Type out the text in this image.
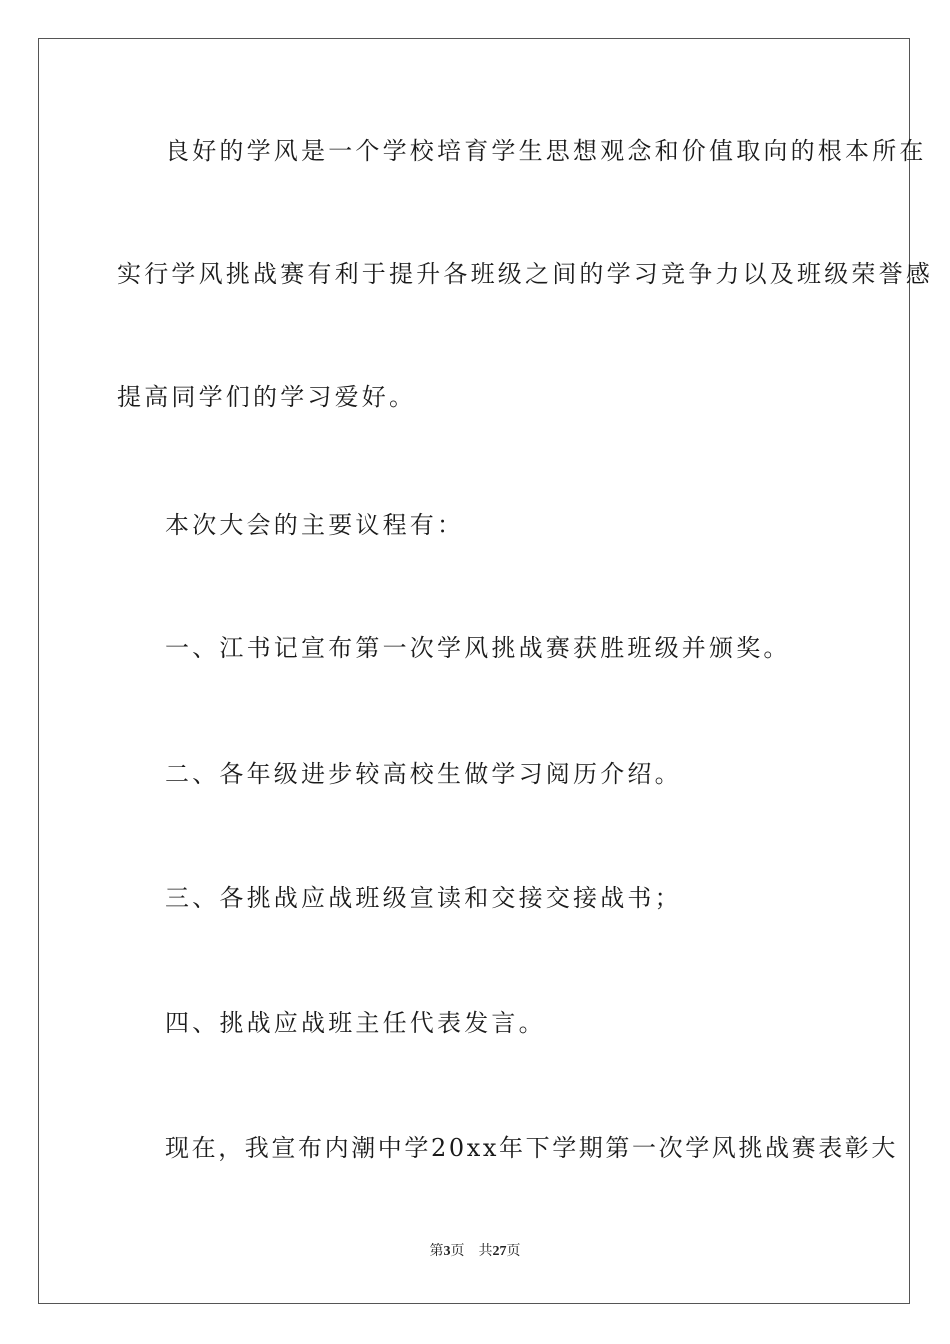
良好的学风是一个学校培育学生思想观念和价值取向的根本所在
实行学风挑战赛有利于提升各班级之间的学习竞争力以及班级荣誉感
提高同学们的学习爱好。
本次大会的主要议程有：
一、江书记宣布第一次学风挑战赛获胜班级并颁奖。
二、各年级进步较高校生做学习阅历介绍。
三、各挑战应战班级宣读和交接交接战书；
四、挑战应战班主任代表发言。
现在，我宣布内潮中学20xx年下学期第一次学风挑战赛表彰大
第3页 共27页
